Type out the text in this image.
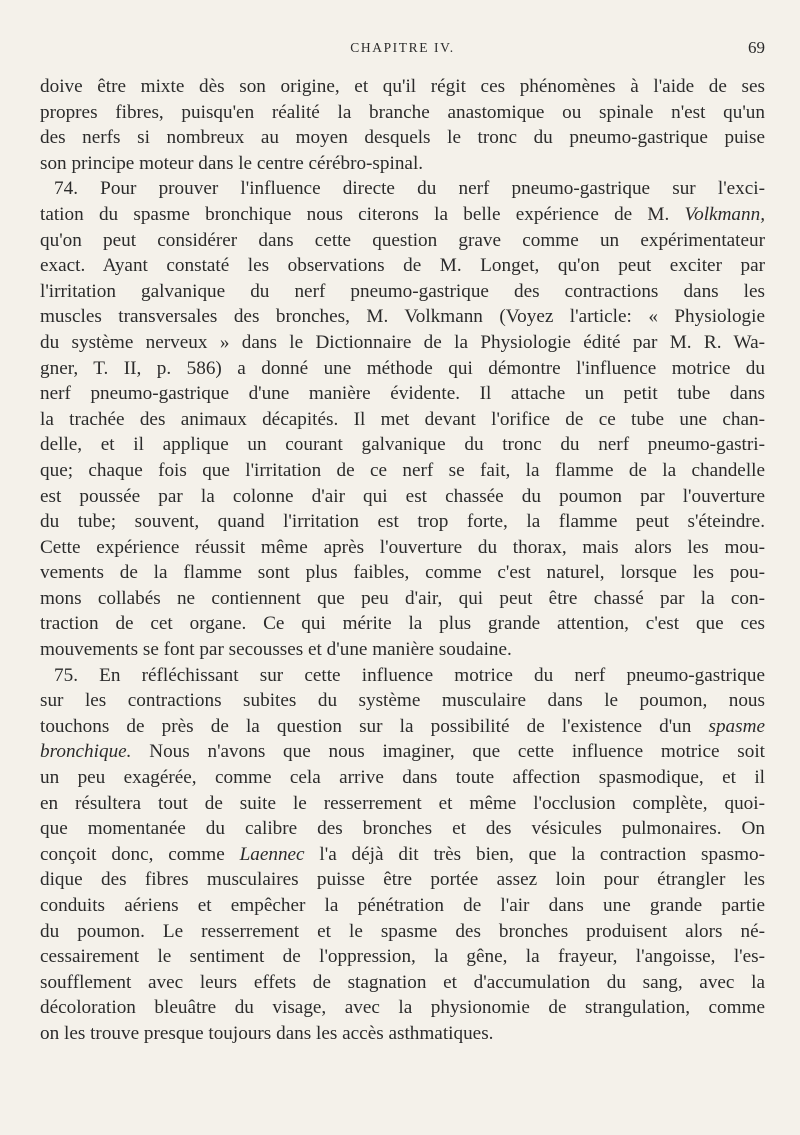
CHAPITRE IV.	69
doive être mixte dès son origine, et qu'il régit ces phénomènes à l'aide de ses
propres fibres, puisqu'en réalité la branche anastomique ou spinale n'est qu'un
des nerfs si nombreux au moyen desquels le tronc du pneumo-gastrique puise
son principe moteur dans le centre cérébro-spinal.
74. Pour prouver l'influence directe du nerf pneumo-gastrique sur l'exci-
tation du spasme bronchique nous citerons la belle expérience de M. Volkmann,
qu'on peut considérer dans cette question grave comme un expérimentateur
exact. Ayant constaté les observations de M. Longet, qu'on peut exciter par
l'irritation galvanique du nerf pneumo-gastrique des contractions dans les
muscles transversales des bronches, M. Volkmann (Voyez l'article: « Physiologie
du système nerveux » dans le Dictionnaire de la Physiologie édité par M. R. Wa-
gner, T. II, p. 586) a donné une méthode qui démontre l'influence motrice du
nerf pneumo-gastrique d'une manière évidente. Il attache un petit tube dans
la trachée des animaux décapités. Il met devant l'orifice de ce tube une chan-
delle, et il applique un courant galvanique du tronc du nerf pneumo-gastri-
que; chaque fois que l'irritation de ce nerf se fait, la flamme de la chandelle
est poussée par la colonne d'air qui est chassée du poumon par l'ouverture
du tube; souvent, quand l'irritation est trop forte, la flamme peut s'éteindre.
Cette expérience réussit même après l'ouverture du thorax, mais alors les mou-
vements de la flamme sont plus faibles, comme c'est naturel, lorsque les pou-
mons collabés ne contiennent que peu d'air, qui peut être chassé par la con-
traction de cet organe. Ce qui mérite la plus grande attention, c'est que ces
mouvements se font par secousses et d'une manière soudaine.
75. En réfléchissant sur cette influence motrice du nerf pneumo-gastrique
sur les contractions subites du système musculaire dans le poumon, nous
touchons de près de la question sur la possibilité de l'existence d'un spasme
bronchique. Nous n'avons que nous imaginer, que cette influence motrice soit
un peu exagérée, comme cela arrive dans toute affection spasmodique, et il
en résultera tout de suite le resserrement et même l'occlusion complète, quoi-
que momentanée du calibre des bronches et des vésicules pulmonaires. On
conçoit donc, comme Laennec l'a déjà dit très bien, que la contraction spasmo-
dique des fibres musculaires puisse être portée assez loin pour étrangler les
conduits aériens et empêcher la pénétration de l'air dans une grande partie
du poumon. Le resserrement et le spasme des bronches produisent alors né-
cessairement le sentiment de l'oppression, la gêne, la frayeur, l'angoisse, l'es-
soufflement avec leurs effets de stagnation et d'accumulation du sang, avec la
décoloration bleuâtre du visage, avec la physionomie de strangulation, comme
on les trouve presque toujours dans les accès asthmatiques.
